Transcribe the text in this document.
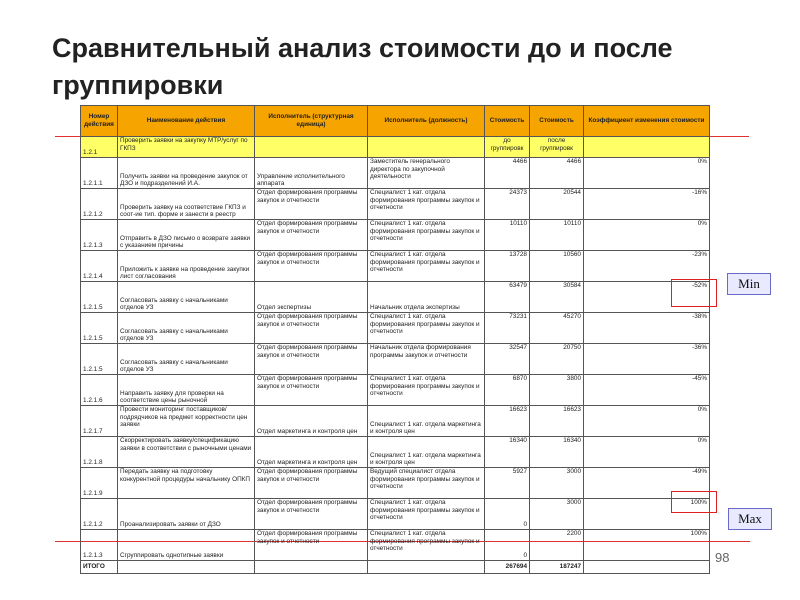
Сравнительный анализ стоимости до и после группировки
Номер действия	Наименование действия	Исполнитель (структурная единица)	Исполнитель (должность)	Стоимость	Стоимость	Коэффициент изменения стоимости
1.2.1	Проверить заявки на закупку МТР/услуг по ГКПЗ			до группировк	после группировк	
1.2.1.1	Получить заявки на проведение закупок от ДЗО и подразделений И.А.	Управление исполнительного аппарата	Заместитель генерального директора по закупочной деятельности	4466	4466	0%
1.2.1.2	Проверить заявку на соответствие ГКПЗ и соот-ие тип. форме и занести в реестр	Отдел формирования программы закупок и отчетности	Специалист 1 кат. отдела формирования программы закупок и отчетности	24373	20544	-16%
1.2.1.3	Отправить в ДЗО письмо о возврате заявки с указанием причины	Отдел формирования программы закупок и отчетности	Специалист 1 кат. отдела формирования программы закупок и отчетности	10110	10110	0%
1.2.1.4	Приложить к заявке на проведение закупки лист согласования	Отдел формирования программы закупок и отчетности	Специалист 1 кат. отдела формирования программы закупок и отчетности	13728	10560	-23%
1.2.1.5	Согласовать заявку с начальниками отделов УЗ	Отдел экспертизы	Начальник отдела экспертизы	63479	30584	-52%
1.2.1.5	Согласовать заявку с начальниками отделов УЗ	Отдел формирования программы закупок и отчетности	Специалист 1 кат. отдела формирования программы закупок и отчетности	73231	45270	-38%
1.2.1.5	Согласовать заявку с начальниками отделов УЗ	Отдел формирования программы закупок и отчетности	Начальник отдела формирования программы закупок и отчетности	32547	20750	-36%
1.2.1.6	Направить заявку для проверки на соответствие цены рыночной	Отдел формирования программы закупок и отчетности	Специалист 1 кат. отдела формирования программы закупок и отчетности	6870	3800	-45%
1.2.1.7	Провести мониторинг поставщиков/подрядчиков на предмет корректности цен заявки	Отдел маркетинга и контроля цен	Специалист 1 кат. отдела маркетинга и контроля цен	16623	16623	0%
1.2.1.8	Скорректировать заявку/спецификацию заявки в соответствии с рыночными ценами	Отдел маркетинга и контроля цен	Специалист 1 кат. отдела маркетинга и контроля цен	16340	16340	0%
1.2.1.9	Передать заявку на подготовку конкурентной процедуры начальнику ОПКП	Отдел формирования программы закупок и отчетности	Ведущий специалист отдела формирования программы закупок и отчетности	5927	3000	-49%
1.2.1.2	Проанализировать заявки от ДЗО	Отдел формирования программы закупок и отчетности	Специалист 1 кат. отдела формирования программы закупок и отчетности	0	3000	100%
1.2.1.3	Сгруппировать однотипные заявки	Отдел формирования программы закупок и отчетности	Специалист 1 кат. отдела формирования программы закупок и отчетности	0	2200	100%
ИТОГО				267694	187247	
Min
Max
98
